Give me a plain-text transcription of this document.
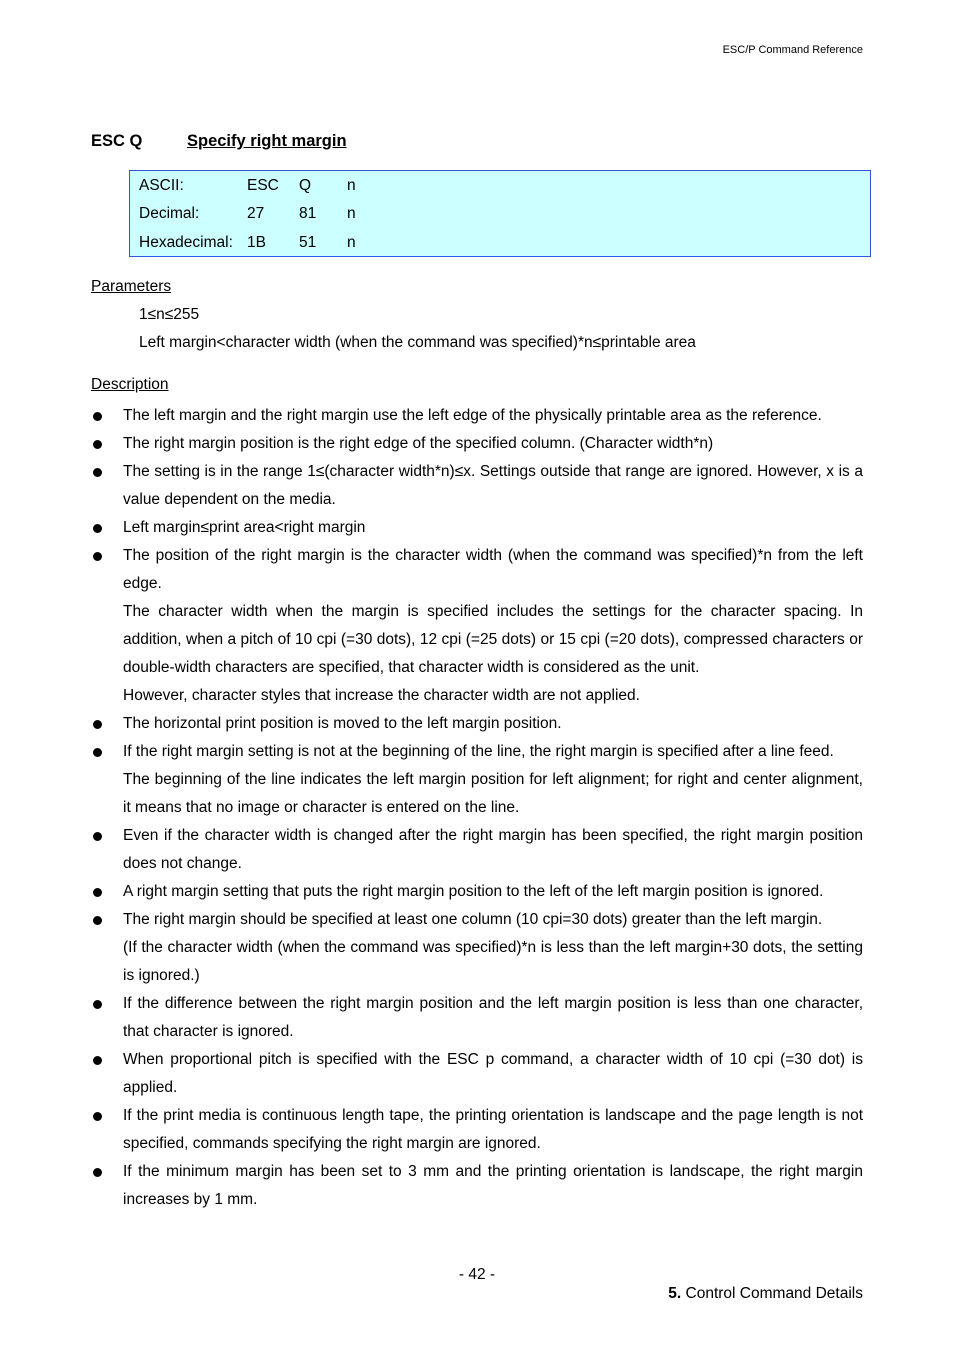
ESC/P Command Reference
ESC Q	Specify right margin
ASCII:	ESC Q n
Decimal:	27 81 n
Hexadecimal: 1B 51 n
Parameters
1≤n≤255
Left margin<character width (when the command was specified)*n≤printable area
Description

The left margin and the right margin use the left edge of the physically printable area as the reference.

The right margin position is the right edge of the specified column. (Character width*n)

The setting is in the range 1≤(character width*n)≤x. Settings outside that range are ignored. However, x is a value dependent on the media.

Left margin≤print area<right margin

The position of the right margin is the character width (when the command was specified)*n from the left edge.

The character width when the margin is specified includes the settings for the character spacing. In addition, when a pitch of 10 cpi (=30 dots), 12 cpi (=25 dots) or 15 cpi (=20 dots), compressed characters or double-width characters are specified, that character width is considered as the unit.

However, character styles that increase the character width are not applied.

The horizontal print position is moved to the left margin position.

If the right margin setting is not at the beginning of the line, the right margin is specified after a line feed.

The beginning of the line indicates the left margin position for left alignment; for right and center alignment, it means that no image or character is entered on the line.

Even if the character width is changed after the right margin has been specified, the right margin position does not change.

A right margin setting that puts the right margin position to the left of the left margin position is ignored.

The right margin should be specified at least one column (10 cpi=30 dots) greater than the left margin.

(If the character width (when the command was specified)*n is less than the left margin+30 dots, the setting is ignored.)

If the difference between the right margin position and the left margin position is less than one character, that character is ignored.

When proportional pitch is specified with the ESC p command, a character width of 10 cpi (=30 dot) is applied.

If the print media is continuous length tape, the printing orientation is landscape and the page length is not specified, commands specifying the right margin are ignored.

If the minimum margin has been set to 3 mm and the printing orientation is landscape, the right margin increases by 1 mm.

- 42 -
5. Control Command Details
